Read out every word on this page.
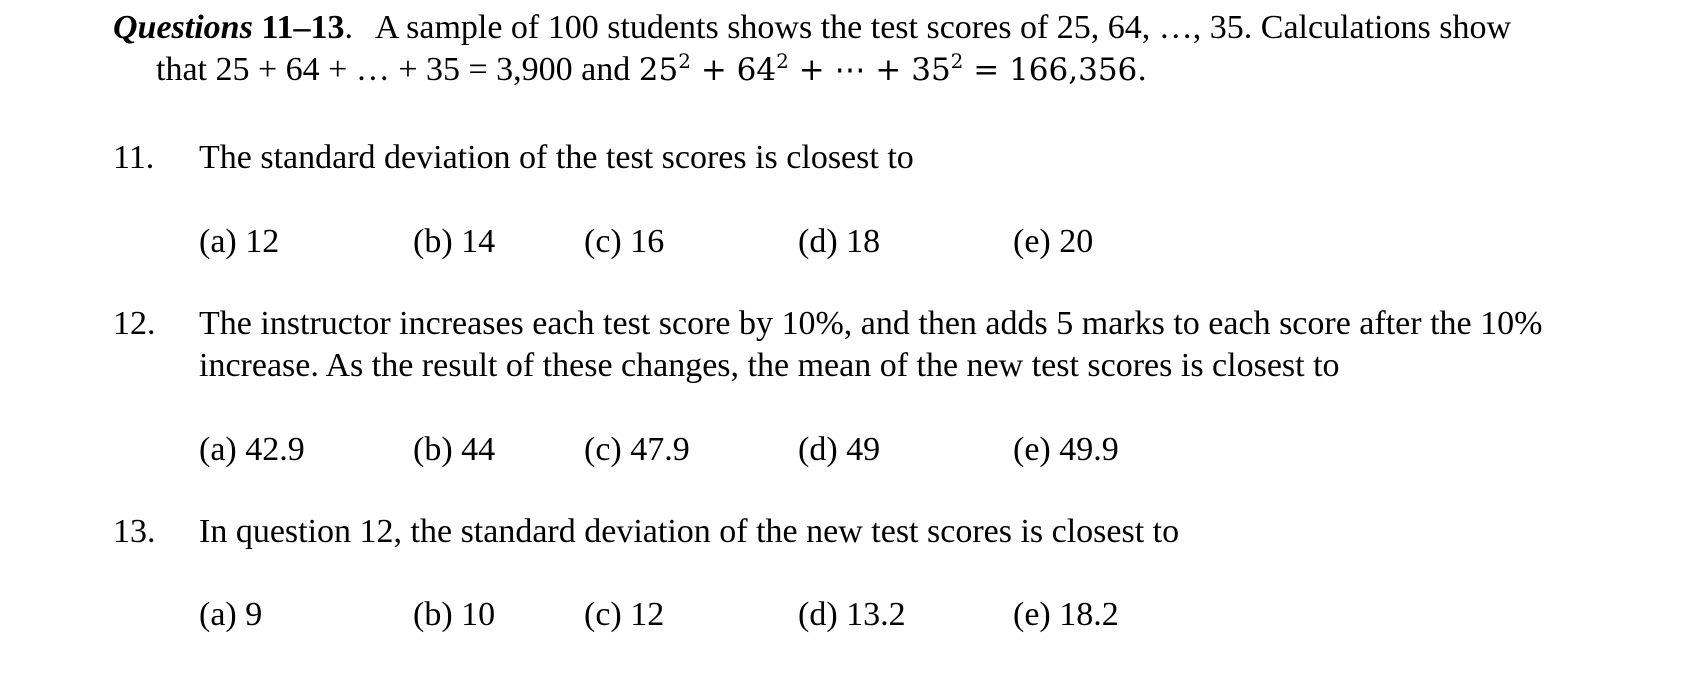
Questions 11–13. A sample of 100 students shows the test scores of 25, 64, …, 35. Calculations show
that 25 + 64 + … + 35 = 3,900 and $25^2 + 64^2$ + ⋯ + $35^2 = 166,356$.
11. The standard deviation of the test scores is closest to
(a) 12	(b) 14	(c) 16	(d) 18	(e) 20
12. The instructor increases each test score by 10%, and then adds 5 marks to each score after the 10%
increase. As the result of these changes, the mean of the new test scores is closest to
(a) 42.9	(b) 44	(c) 47.9	(d) 49	(e) 49.9
13. In question 12, the standard deviation of the new test scores is closest to
(a) 9	(b) 10	(c) 12	(d) 13.2	(e) 18.2
